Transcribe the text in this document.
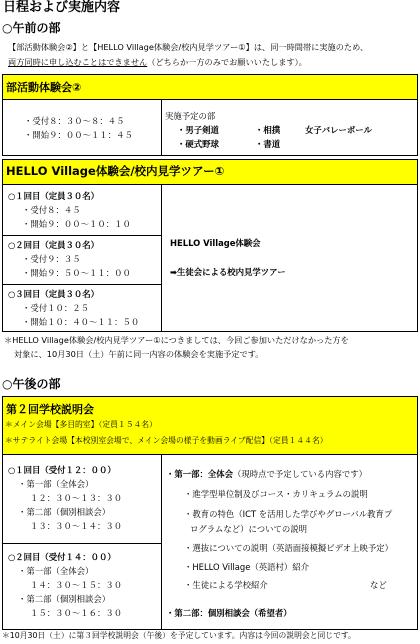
日程および実施内容
○午前の部
【部活動体験会②】と【HELLO Village体験会/校内見学ツアー①】は、同一時間帯に実施のため、
両方同時に申し込むことはできません（どちらか一方のみでお願いいたします）。
部活動体験会②
・受付８：３０～８：４５
・開始９：００～１１：４５
実施予定の部
・男子剣道	・相撲	女子バレーボール
・硬式野球	・書道
HELLO Village体験会/校内見学ツアー①
○１回目（定員３０名）
・受付８：４５
・開始９：００～１０：１０
○２回目（定員３０名）
・受付９：３５
・開始９：５０～１１：００
○３回目（定員３０名）
・受付１０：２５
・開始１０：４０～１１：５０
HELLO Village体験会
➡生徒会による校内見学ツアー
＊HELLO Village体験会/校内見学ツアー①につきましては、今回ご参加いただけなかった方を
対象に、10月30日（土）午前に同一内容の体験会を実施予定です。
○午後の部
第２回学校説明会
＊メイン会場【多目的室】（定員１５４名）
＊サテライト会場【本校別室会場で、メイン会場の様子を動画ライブ配信】（定員１４４名）
○１回目（受付１２：００）
・第一部（全体会）
１２：３０～１３：３０
・第二部（個別相談会）
１３：３０～１４：３０
○２回目（受付１４：００）
・第一部（全体会）
１４：３０～１５：３０
・第二部（個別相談会）
１５：３０～１６：３０
・第一部：全体会（現時点で予定している内容です）
・進学型単位制及びコース・カリキュラムの説明
・教育の特色（ICT を活用した学びやグローバル教育プ
ログラムなど）についての説明
・選抜についての説明（英語面接模擬ビデオ上映予定）
・HELLO Village（英語村）紹介
・生徒による学校紹介	など
・第二部：個別相談会（希望者）
＊10月30日（土）に第３回学校説明会（午後）を予定しています。内容は今回の説明会と同じです。
